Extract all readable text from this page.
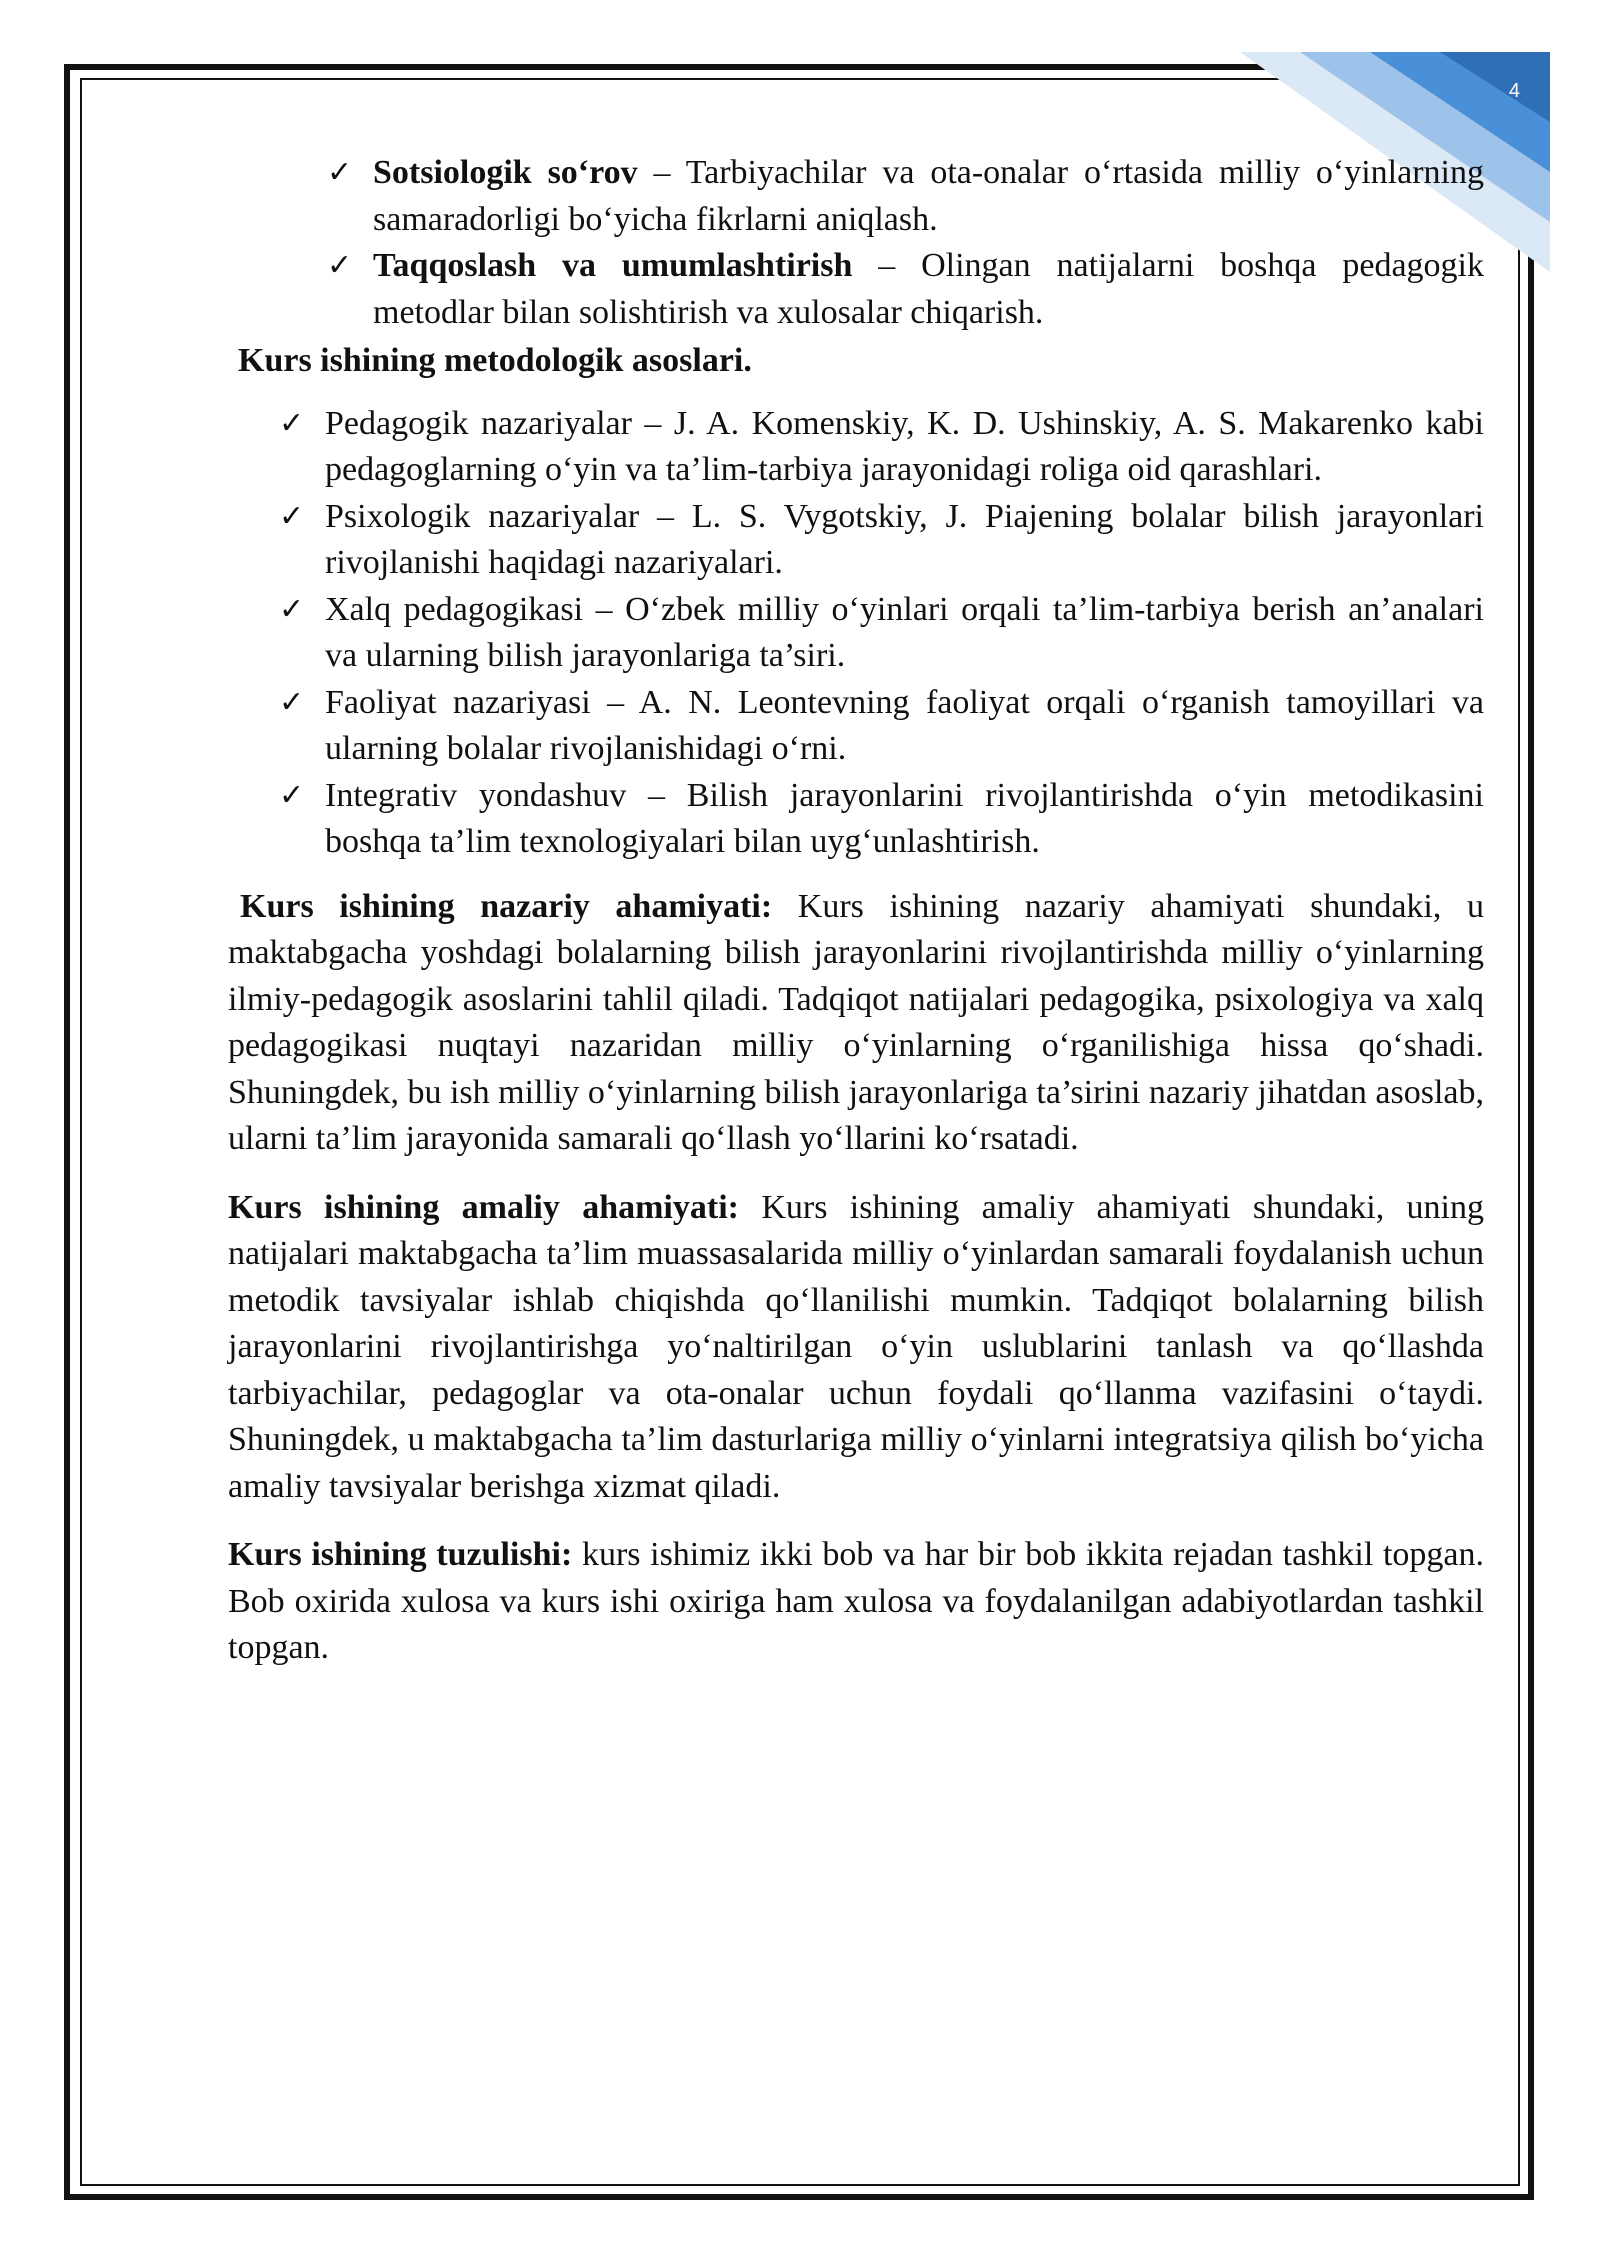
4
✓ Sotsiologik so‘rov – Tarbiyachilar va ota-onalar o‘rtasida milliy o‘yinlarning samaradorligi bo‘yicha fikrlarni aniqlash.
✓ Taqqoslash va umumlashtirish – Olingan natijalarni boshqa pedagogik metodlar bilan solishtirish va xulosalar chiqarish.
Kurs ishining metodologik asoslari.
✓ Pedagogik nazariyalar – J. A. Komenskiy, K. D. Ushinskiy, A. S. Makarenko kabi pedagoglarning o‘yin va ta’lim-tarbiya jarayonidagi roliga oid qarashlari.
✓ Psixologik nazariyalar – L. S. Vygotskiy, J. Piajening bolalar bilish jarayonlari rivojlanishi haqidagi nazariyalari.
✓ Xalq pedagogikasi – O‘zbek milliy o‘yinlari orqali ta’lim-tarbiya berish an’analari va ularning bilish jarayonlariga ta’siri.
✓ Faoliyat nazariyasi – A. N. Leontevning faoliyat orqali o‘rganish tamoyillari va ularning bolalar rivojlanishidagi o‘rni.
✓ Integrativ yondashuv – Bilish jarayonlarini rivojlantirishda o‘yin metodikasini boshqa ta’lim texnologiyalari bilan uyg‘unlashtirish.

Kurs ishining nazariy ahamiyati: Kurs ishining nazariy ahamiyati shundaki, u maktabgacha yoshdagi bolalarning bilish jarayonlarini rivojlantirishda milliy o‘yinlarning ilmiy-pedagogik asoslarini tahlil qiladi. Tadqiqot natijalari pedagogika, psixologiya va xalq pedagogikasi nuqtayi nazaridan milliy o‘yinlarning o‘rganilishiga hissa qo‘shadi. Shuningdek, bu ish milliy o‘yinlarning bilish jarayonlariga ta’sirini nazariy jihatdan asoslab, ularni ta’lim jarayonida samarali qo‘llash yo‘llarini ko‘rsatadi.

Kurs ishining amaliy ahamiyati: Kurs ishining amaliy ahamiyati shundaki, uning natijalari maktabgacha ta’lim muassasalarida milliy o‘yinlardan samarali foydalanish uchun metodik tavsiyalar ishlab chiqishda qo‘llanilishi mumkin. Tadqiqot bolalarning bilish jarayonlarini rivojlantirishga yo‘naltirilgan o‘yin uslublarini tanlash va qo‘llashda tarbiyachilar, pedagoglar va ota-onalar uchun foydali qo‘llanma vazifasini o‘taydi. Shuningdek, u maktabgacha ta’lim dasturlariga milliy o‘yinlarni integratsiya qilish bo‘yicha amaliy tavsiyalar berishga xizmat qiladi.

Kurs ishining tuzulishi: kurs ishimiz ikki bob va har bir bob ikkita rejadan tashkil topgan. Bob oxirida xulosa va kurs ishi oxiriga ham xulosa va foydalanilgan adabiyotlardan tashkil topgan.
